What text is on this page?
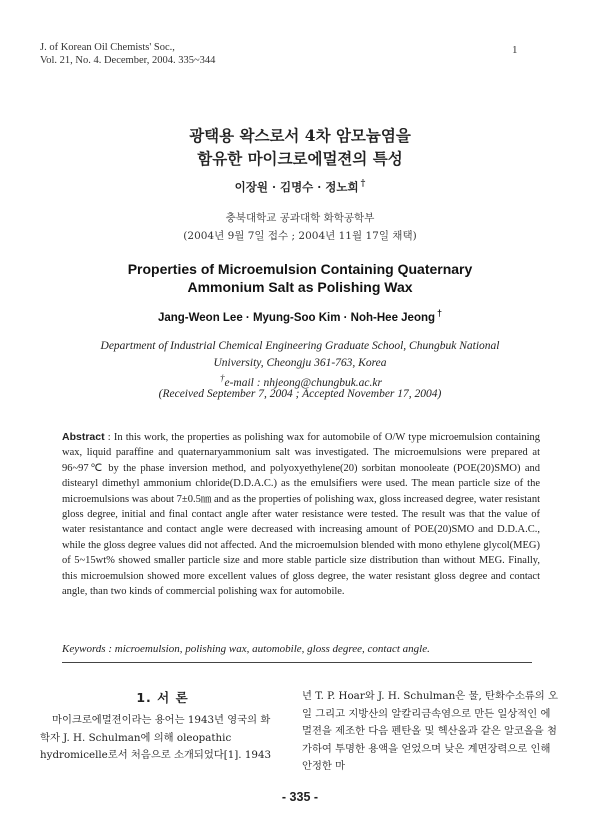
J. of Korean Oil Chemists' Soc.,
Vol. 21, No. 4. December, 2004. 335~344
1
광택용 왁스로서 4차 암모늄염을
함유한 마이크로에멀젼의 특성
이장원 · 김명수 · 정노희 †
충북대학교 공과대학 화학공학부
(2004년 9월 7일 접수 ; 2004년 11월 17일 채택)
Properties of Microemulsion Containing Quaternary
Ammonium Salt as Polishing Wax
Jang-Weon Lee · Myung-Soo Kim · Noh-Hee Jeong †
Department of Industrial Chemical Engineering Graduate School, Chungbuk National
University, Cheongju 361-763, Korea
†e-mail : nhjeong@chungbuk.ac.kr
(Received September 7, 2004 ; Accepted November 17, 2004)
Abstract : In this work, the properties as polishing wax for automobile of O/W type microemulsion containing wax, liquid paraffine and quaternaryammonium salt was investigated. The microemulsions were prepared at 96~97℃ by the phase inversion method, and polyoxyethylene(20) sorbitan monooleate (POE(20)SMO) and distearyl dimethyl ammonium chloride(D.D.A.C.) as the emulsifiers were used. The mean particle size of the microemulsions was about 7±0.5㎚ and as the properties of polishing wax, gloss increased degree, water resistant gloss degree, initial and final contact angle after water resistance were tested. The result was that the value of water resistantance and contact angle were decreased with increasing amount of POE(20)SMO and D.D.A.C., while the gloss degree values did not affected. And the microemulsion blended with mono ethylene glycol(MEG) of 5~15wt% showed smaller particle size and more stable particle size distribution than without MEG. Finally, this microemulsion showed more excellent values of gloss degree, the water resistant gloss degree and contact angle, than two kinds of commercial polishing wax for automobile.
Keywords : microemulsion, polishing wax, automobile, gloss degree, contact angle.
1. 서 론

마이크로에멀젼이라는 용어는 1943년 영국의 화학자 J. H. Schulman에 의해 oleopathic hydromicelle로서 처음으로 소개되었다[1]. 1943

년 T. P. Hoar와 J. H. Schulman은 물, 탄화수소류의 오일 그리고 지방산의 알칼리금속염으로 만든 일상적인 에멀젼을 제조한 다음 펜탄올 및 헥산올과 같은 알코올을 첨가하여 투명한 용액을 얻었으며 낮은 계면장력으로 인해 안정한 마

- 335 -
